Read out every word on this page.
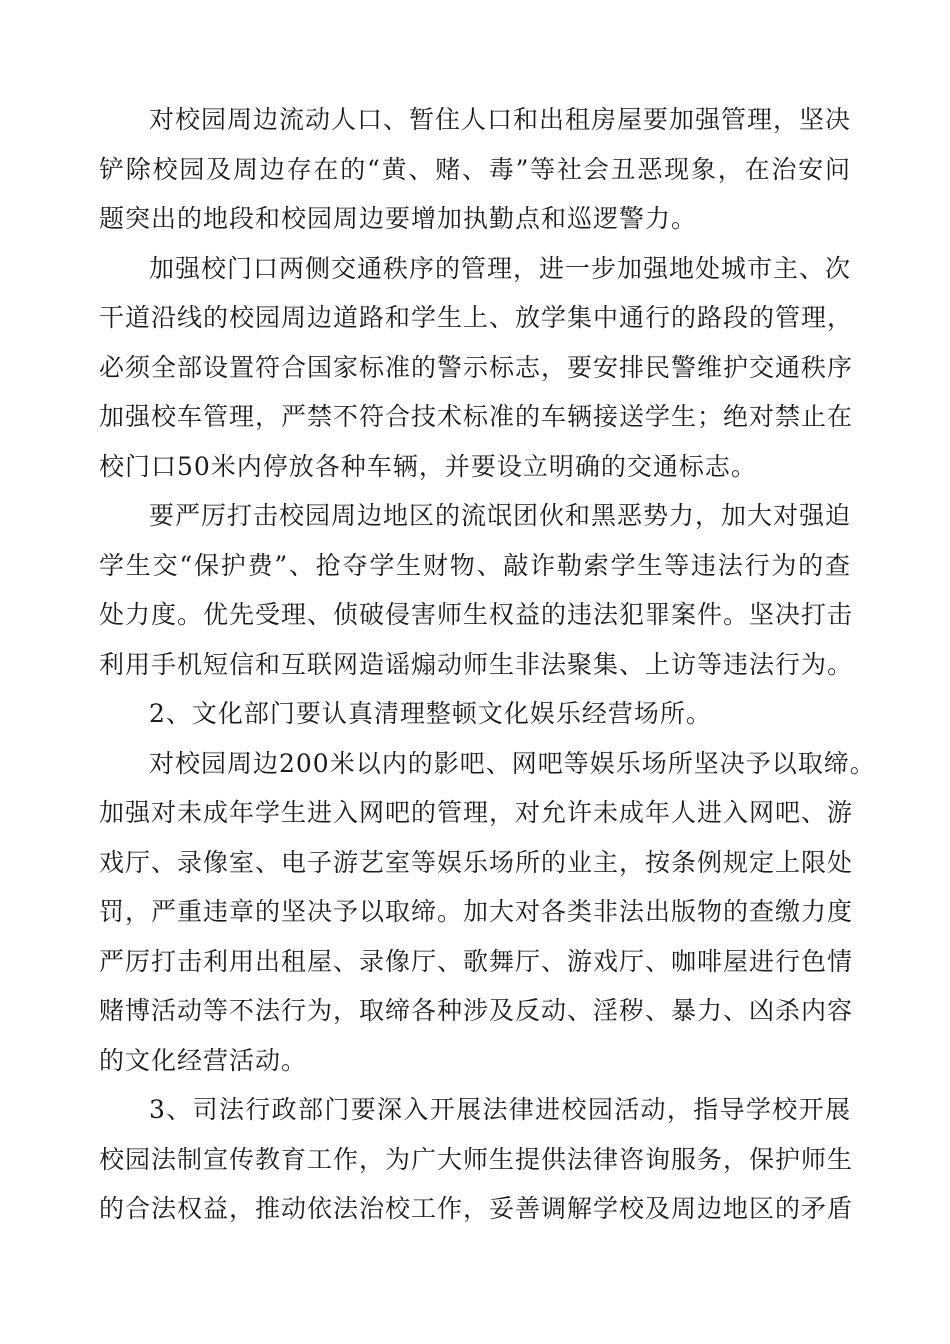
对校园周边流动人口、暂住人口和出租房屋要加强管理，坚决
铲除校园及周边存在的“黄、赌、毒”等社会丑恶现象，在治安问
题突出的地段和校园周边要增加执勤点和巡逻警力。
加强校门口两侧交通秩序的管理，进一步加强地处城市主、次
干道沿线的校园周边道路和学生上、放学集中通行的路段的管理，
必须全部设置符合国家标准的警示标志，要安排民警维护交通秩序
加强校车管理，严禁不符合技术标准的车辆接送学生；绝对禁止在
校门口50米内停放各种车辆，并要设立明确的交通标志。
要严厉打击校园周边地区的流氓团伙和黑恶势力，加大对强迫
学生交“保护费”、抢夺学生财物、敲诈勒索学生等违法行为的查
处力度。优先受理、侦破侵害师生权益的违法犯罪案件。坚决打击
利用手机短信和互联网造谣煽动师生非法聚集、上访等违法行为。
2、文化部门要认真清理整顿文化娱乐经营场所。
对校园周边200米以内的影吧、网吧等娱乐场所坚决予以取缔。
加强对未成年学生进入网吧的管理，对允许未成年人进入网吧、游
戏厅、录像室、电子游艺室等娱乐场所的业主，按条例规定上限处
罚，严重违章的坚决予以取缔。加大对各类非法出版物的查缴力度
严厉打击利用出租屋、录像厅、歌舞厅、游戏厅、咖啡屋进行色情
赌博活动等不法行为，取缔各种涉及反动、淫秽、暴力、凶杀内容
的文化经营活动。
3、司法行政部门要深入开展法律进校园活动，指导学校开展
校园法制宣传教育工作，为广大师生提供法律咨询服务，保护师生
的合法权益，推动依法治校工作，妥善调解学校及周边地区的矛盾
